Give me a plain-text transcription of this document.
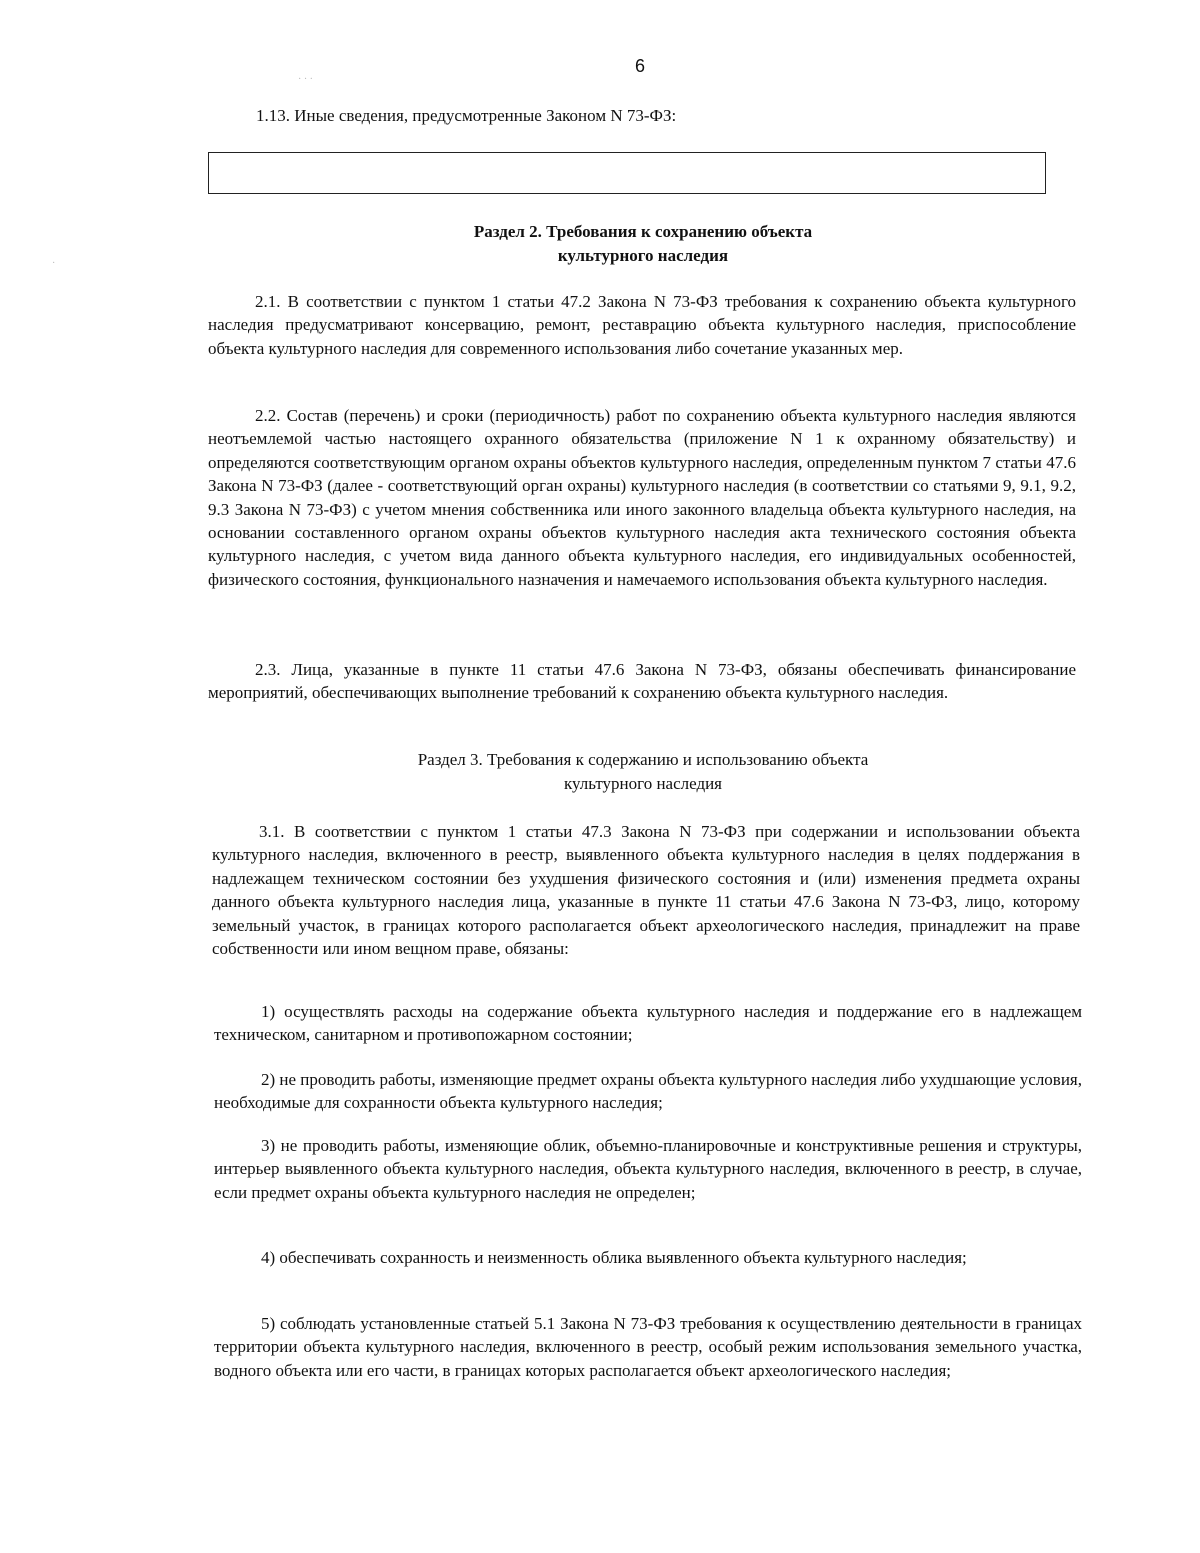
6

1.13. Иные сведения, предусмотренные Законом N 73-ФЗ:

Раздел 2. Требования к сохранению объекта
культурного наследия

2.1. В соответствии с пунктом 1 статьи 47.2 Закона N 73-ФЗ требования к сохранению объекта культурного наследия предусматривают консервацию, ремонт, реставрацию объекта культурного наследия, приспособление объекта культурного наследия для современного использования либо сочетание указанных мер.

2.2. Состав (перечень) и сроки (периодичность) работ по сохранению объекта культурного наследия являются неотъемлемой частью настоящего охранного обязательства (приложение N 1 к охранному обязательству) и определяются соответствующим органом охраны объектов культурного наследия, определенным пунктом 7 статьи 47.6 Закона N 73-ФЗ (далее - соответствующий орган охраны) культурного наследия (в соответствии со статьями 9, 9.1, 9.2, 9.3 Закона N 73-ФЗ) с учетом мнения собственника или иного законного владельца объекта культурного наследия, на основании составленного органом охраны объектов культурного наследия акта технического состояния объекта культурного наследия, с учетом вида данного объекта культурного наследия, его индивидуальных особенностей, физического состояния, функционального назначения и намечаемого использования объекта культурного наследия.

2.3. Лица, указанные в пункте 11 статьи 47.6 Закона N 73-ФЗ, обязаны обеспечивать финансирование мероприятий, обеспечивающих выполнение требований к сохранению объекта культурного наследия.

Раздел 3. Требования к содержанию и использованию объекта
культурного наследия

3.1. В соответствии с пунктом 1 статьи 47.3 Закона N 73-ФЗ при содержании и использовании объекта культурного наследия, включенного в реестр, выявленного объекта культурного наследия в целях поддержания в надлежащем техническом состоянии без ухудшения физического состояния и (или) изменения предмета охраны данного объекта культурного наследия лица, указанные в пункте 11 статьи 47.6 Закона N 73-ФЗ, лицо, которому земельный участок, в границах которого располагается объект археологического наследия, принадлежит на праве собственности или ином вещном праве, обязаны:

1) осуществлять расходы на содержание объекта культурного наследия и поддержание его в надлежащем техническом, санитарном и противопожарном состоянии;

2) не проводить работы, изменяющие предмет охраны объекта культурного наследия либо ухудшающие условия, необходимые для сохранности объекта культурного наследия;

3) не проводить работы, изменяющие облик, объемно-планировочные и конструктивные решения и структуры, интерьер выявленного объекта культурного наследия, объекта культурного наследия, включенного в реестр, в случае, если предмет охраны объекта культурного наследия не определен;

4) обеспечивать сохранность и неизменность облика выявленного объекта культурного наследия;

5) соблюдать установленные статьей 5.1 Закона N 73-ФЗ требования к осуществлению деятельности в границах территории объекта культурного наследия, включенного в реестр, особый режим использования земельного участка, водного объекта или его части, в границах которых располагается объект археологического наследия;

· · ·
·
